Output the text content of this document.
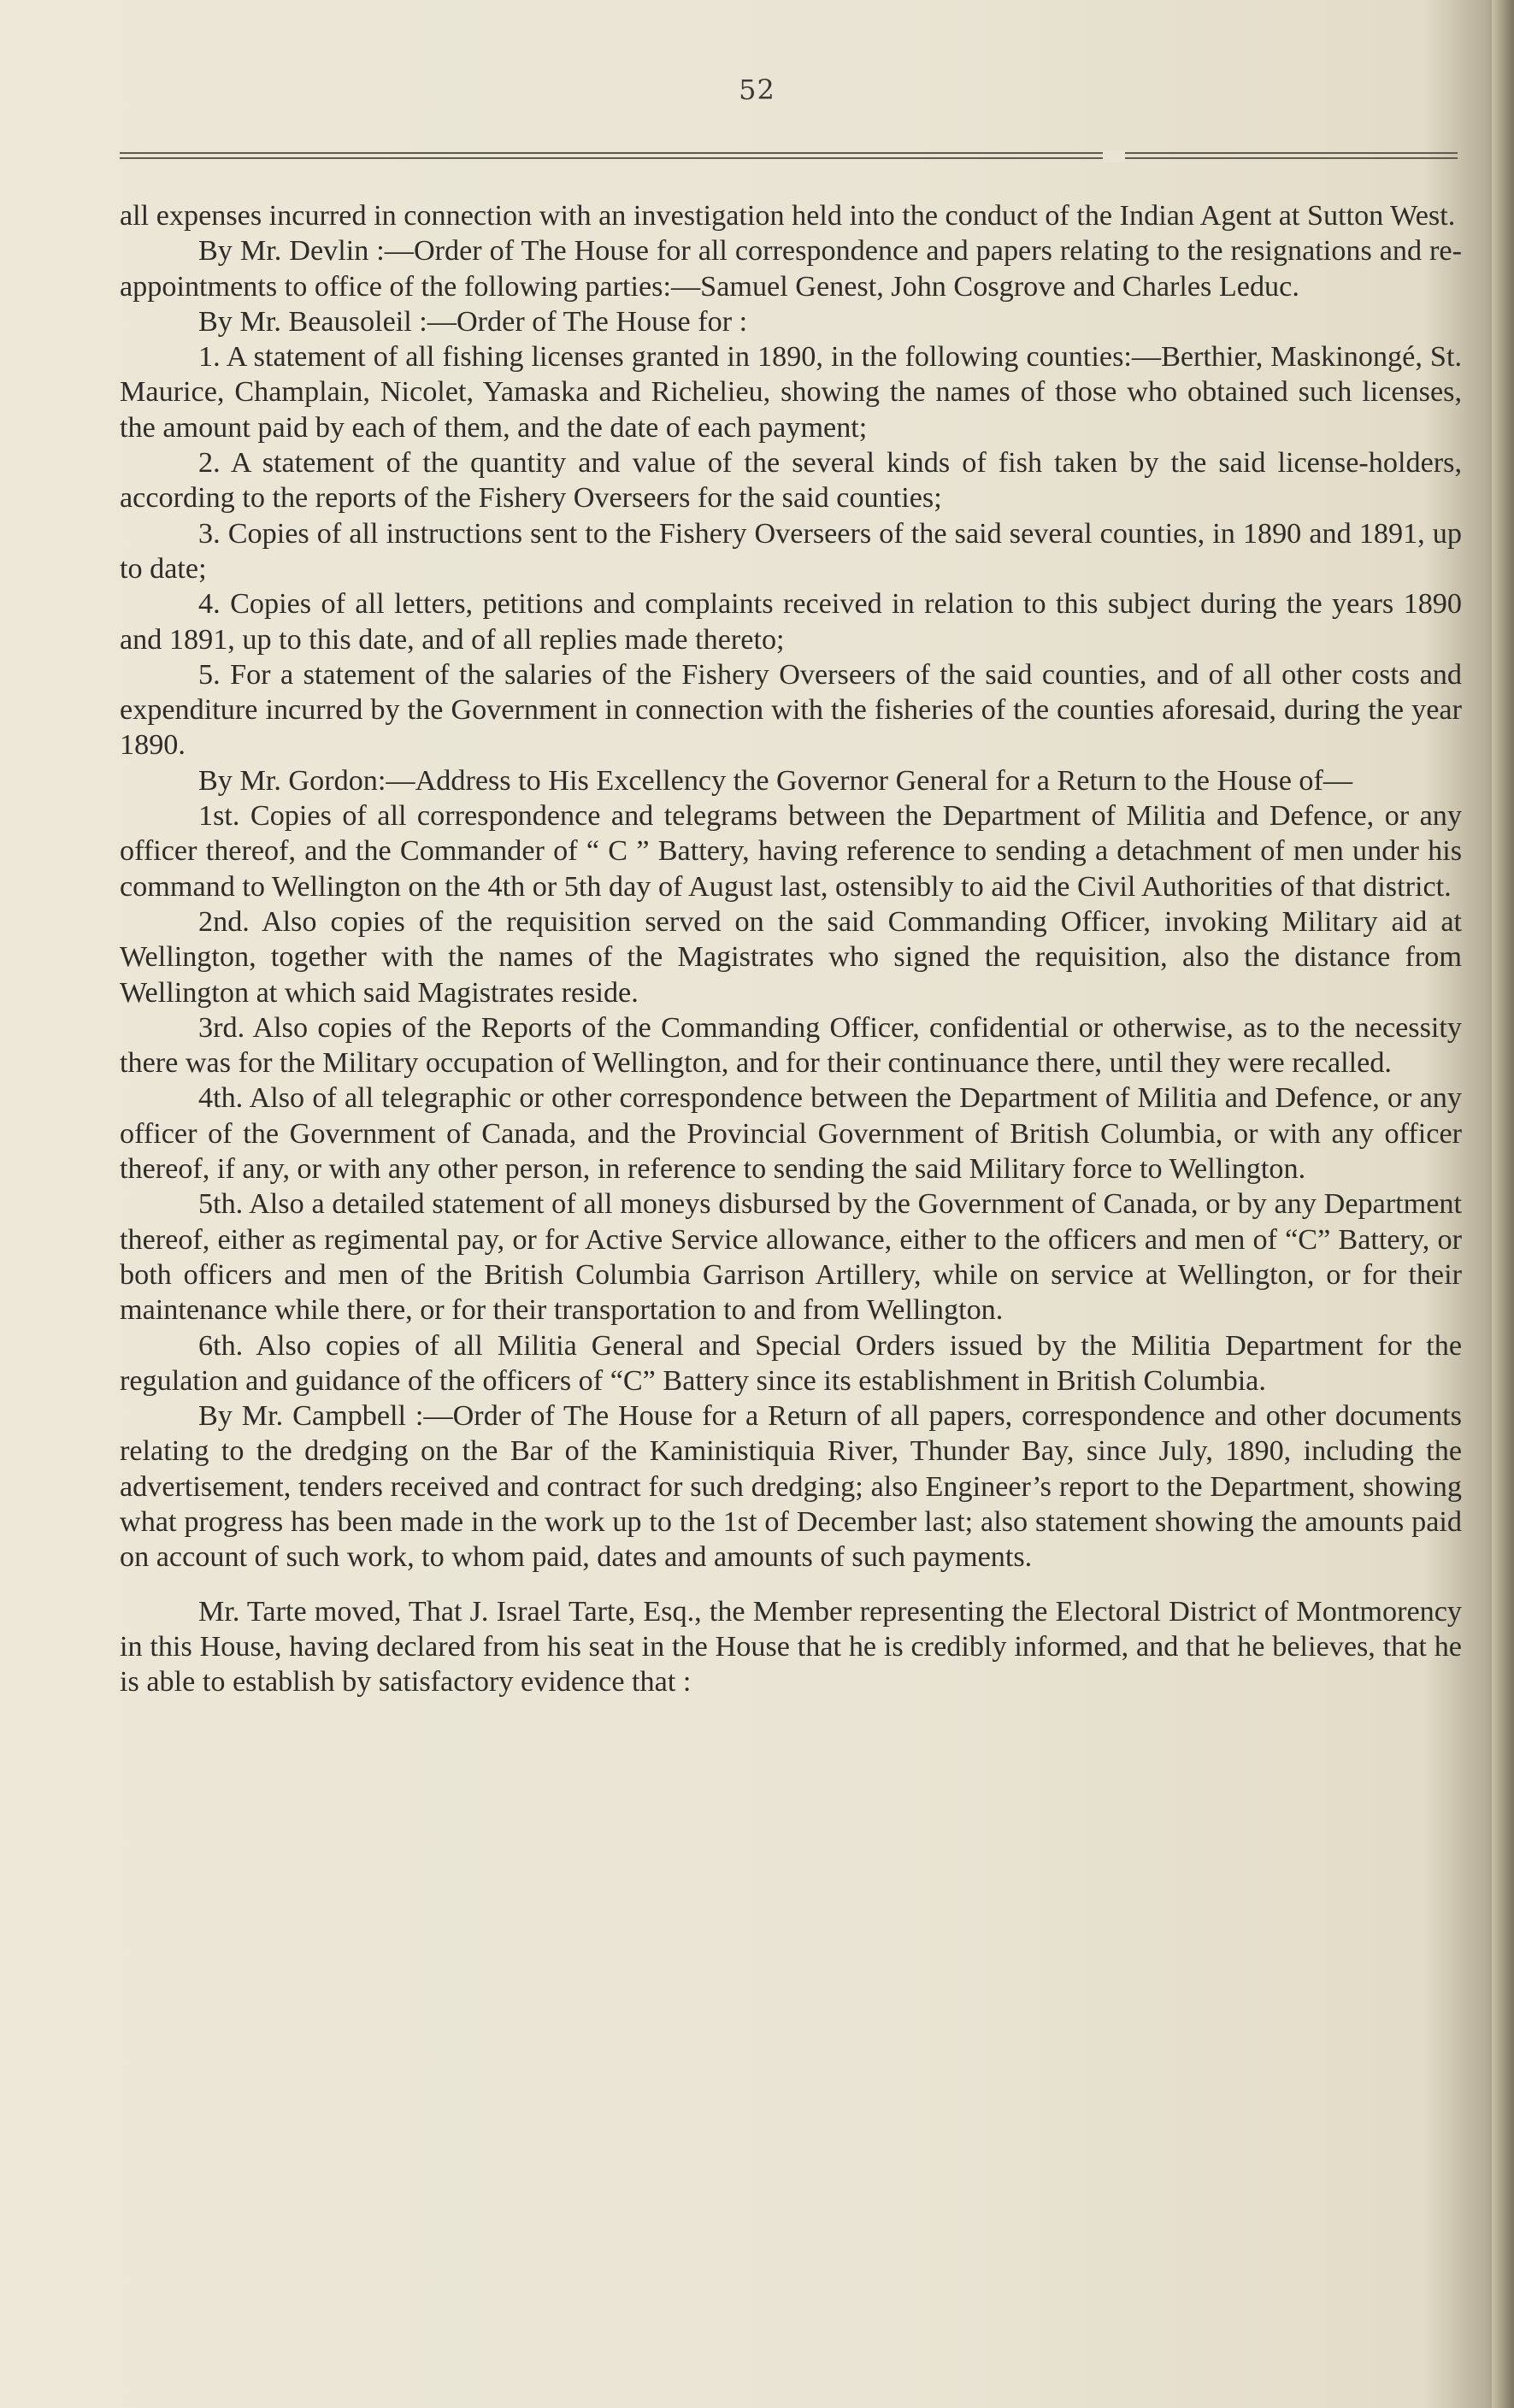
52

all expenses incurred in connection with an investigation held into the conduct of the Indian Agent at Sutton West.

By Mr. Devlin :—Order of The House for all correspondence and papers relating to the resignations and re-appointments to office of the following parties:—Samuel Genest, John Cosgrove and Charles Leduc.

By Mr. Beausoleil :—Order of The House for :

1. A statement of all fishing licenses granted in 1890, in the following counties:—Berthier, Maskinongé, St. Maurice, Champlain, Nicolet, Yamaska and Richelieu, showing the names of those who obtained such licenses, the amount paid by each of them, and the date of each payment;

2. A statement of the quantity and value of the several kinds of fish taken by the said license-holders, according to the reports of the Fishery Overseers for the said counties;

3. Copies of all instructions sent to the Fishery Overseers of the said several counties, in 1890 and 1891, up to date;

4. Copies of all letters, petitions and complaints received in relation to this subject during the years 1890 and 1891, up to this date, and of all replies made thereto;

5. For a statement of the salaries of the Fishery Overseers of the said counties, and of all other costs and expenditure incurred by the Government in connection with the fisheries of the counties aforesaid, during the year 1890.

By Mr. Gordon:—Address to His Excellency the Governor General for a Return to the House of—

1st. Copies of all correspondence and telegrams between the Department of Militia and Defence, or any officer thereof, and the Commander of “ C ” Battery, having reference to sending a detachment of men under his command to Wellington on the 4th or 5th day of August last, ostensibly to aid the Civil Authorities of that district.

2nd. Also copies of the requisition served on the said Commanding Officer, invoking Military aid at Wellington, together with the names of the Magistrates who signed the requisition, also the distance from Wellington at which said Magistrates reside.

3rd. Also copies of the Reports of the Commanding Officer, confidential or otherwise, as to the necessity there was for the Military occupation of Wellington, and for their continuance there, until they were recalled.

4th. Also of all telegraphic or other correspondence between the Department of Militia and Defence, or any officer of the Government of Canada, and the Provincial Government of British Columbia, or with any officer thereof, if any, or with any other person, in reference to sending the said Military force to Wellington.

5th. Also a detailed statement of all moneys disbursed by the Government of Canada, or by any Department thereof, either as regimental pay, or for Active Service allowance, either to the officers and men of “C” Battery, or both officers and men of the British Columbia Garrison Artillery, while on service at Wellington, or for their maintenance while there, or for their transportation to and from Wellington.

6th. Also copies of all Militia General and Special Orders issued by the Militia Department for the regulation and guidance of the officers of “C” Battery since its establishment in British Columbia.

By Mr. Campbell :—Order of The House for a Return of all papers, correspondence and other documents relating to the dredging on the Bar of the Kaministiquia River, Thunder Bay, since July, 1890, including the advertisement, tenders received and contract for such dredging; also Engineer’s report to the Department, showing what progress has been made in the work up to the 1st of December last; also statement showing the amounts paid on account of such work, to whom paid, dates and amounts of such payments.

Mr. Tarte moved, That J. Israel Tarte, Esq., the Member representing the Electoral District of Montmorency in this House, having declared from his seat in the House that he is credibly informed, and that he believes, that he is able to establish by satisfactory evidence that :
